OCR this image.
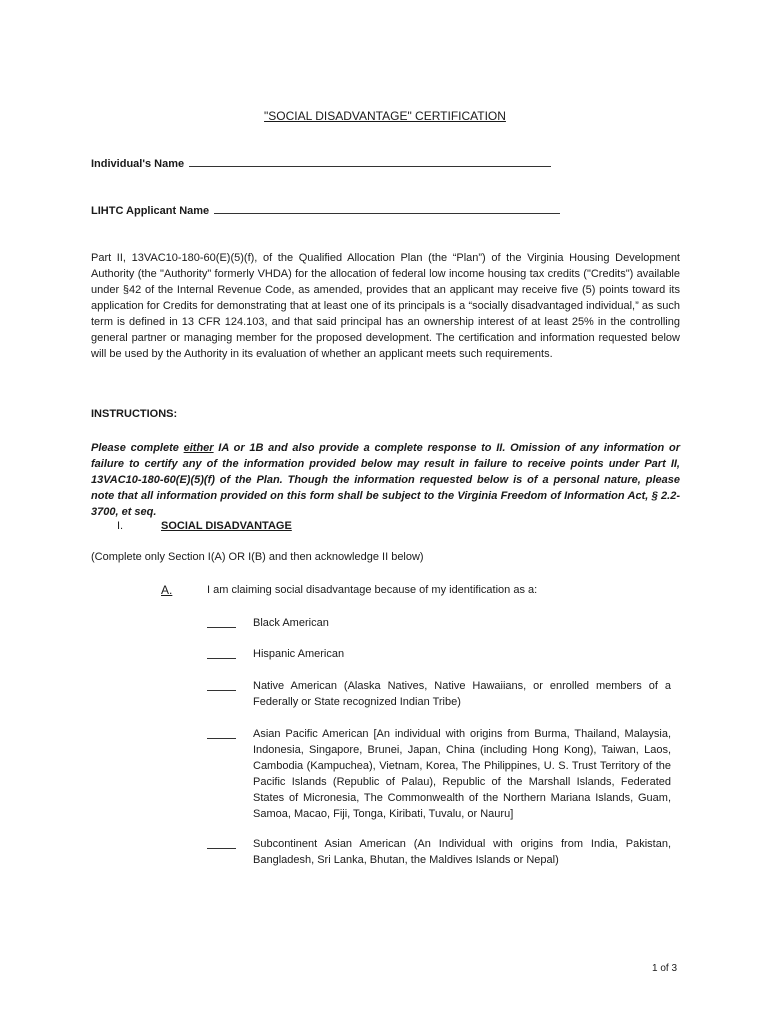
"SOCIAL DISADVANTAGE" CERTIFICATION
Individual's Name
LIHTC Applicant Name
Part II, 13VAC10-180-60(E)(5)(f), of the Qualified Allocation Plan (the “Plan”) of the Virginia Housing Development Authority (the "Authority" formerly VHDA) for the allocation of federal low income housing tax credits ("Credits") available under §42 of the Internal Revenue Code, as amended, provides that an applicant may receive five (5) points toward its application for Credits for demonstrating that at least one of its principals is a “socially disadvantaged individual,” as such term is defined in 13 CFR 124.103, and that said principal has an ownership interest of at least 25% in the controlling general partner or managing member for the proposed development. The certification and information requested below will be used by the Authority in its evaluation of whether an applicant meets such requirements.
INSTRUCTIONS:
Please complete either IA or 1B and also provide a complete response to II. Omission of any information or failure to certify any of the information provided below may result in failure to receive points under Part II, 13VAC10-180-60(E)(5)(f) of the Plan. Though the information requested below is of a personal nature, please note that all information provided on this form shall be subject to the Virginia Freedom of Information Act, § 2.2-3700, et seq.
I.	SOCIAL DISADVANTAGE
(Complete only Section I(A) OR I(B) and then acknowledge II below)
A.	I am claiming social disadvantage because of my identification as a:
Black American
Hispanic American
Native American (Alaska Natives, Native Hawaiians, or enrolled members of a Federally or State recognized Indian Tribe)
Asian Pacific American [An individual with origins from Burma, Thailand, Malaysia, Indonesia, Singapore, Brunei, Japan, China (including Hong Kong), Taiwan, Laos, Cambodia (Kampuchea), Vietnam, Korea, The Philippines, U. S. Trust Territory of the Pacific Islands (Republic of Palau), Republic of the Marshall Islands, Federated States of Micronesia, The Commonwealth of the Northern Mariana Islands, Guam, Samoa, Macao, Fiji, Tonga, Kiribati, Tuvalu, or Nauru]
Subcontinent Asian American (An Individual with origins from India, Pakistan, Bangladesh, Sri Lanka, Bhutan, the Maldives Islands or Nepal)
1 of 3
